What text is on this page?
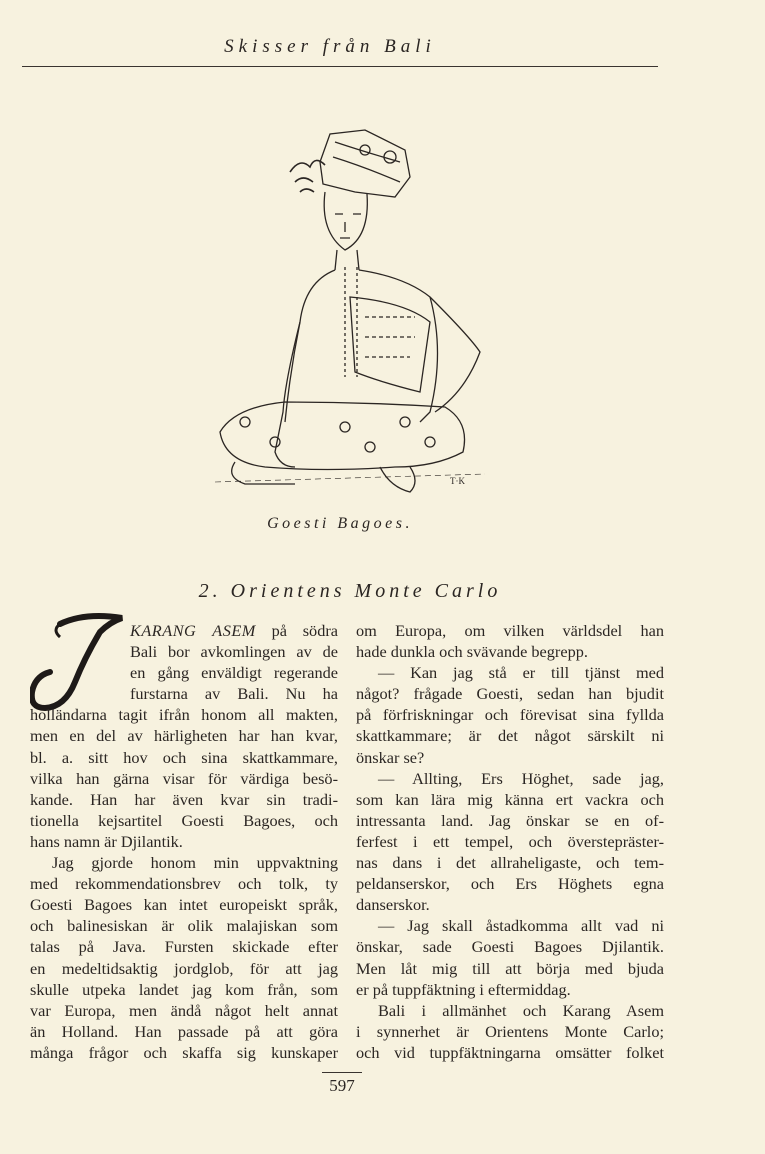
Skisser från Bali
T·K
Goesti Bagoes.
2. Orientens Monte Carlo
KARANG ASEM på södra
Bali bor avkomlingen av de
en gång enväldigt regerande
furstarna av Bali. Nu ha
holländarna tagit ifrån honom all makten,
men en del av härligheten har han kvar,
bl. a. sitt hov och sina skattkammare,
vilka han gärna visar för värdiga besö-
kande. Han har även kvar sin tradi-
tionella kejsartitel Goesti Bagoes, och
hans namn är Djilantik.
Jag gjorde honom min uppvaktning
med rekommendationsbrev och tolk, ty
Goesti Bagoes kan intet europeiskt språk,
och balinesiskan är olik malajiskan som
talas på Java. Fursten skickade efter
en medeltidsaktig jordglob, för att jag
skulle utpeka landet jag kom från, som
var Europa, men ändå något helt annat
än Holland. Han passade på att göra
många frågor och skaffa sig kunskaper
om Europa, om vilken världsdel han
hade dunkla och svävande begrepp.
— Kan jag stå er till tjänst med
något? frågade Goesti, sedan han bjudit
på förfriskningar och förevisat sina fyllda
skattkammare; är det något särskilt ni
önskar se?
— Allting, Ers Höghet, sade jag,
som kan lära mig känna ert vackra och
intressanta land. Jag önskar se en of-
ferfest i ett tempel, och överstepräster-
nas dans i det allraheligaste, och tem-
peldanserskor, och Ers Höghets egna
danserskor.
— Jag skall åstadkomma allt vad ni
önskar, sade Goesti Bagoes Djilantik.
Men låt mig till att börja med bjuda
er på tuppfäktning i eftermiddag.
Bali i allmänhet och Karang Asem
i synnerhet är Orientens Monte Carlo;
och vid tuppfäktningarna omsätter folket
597
